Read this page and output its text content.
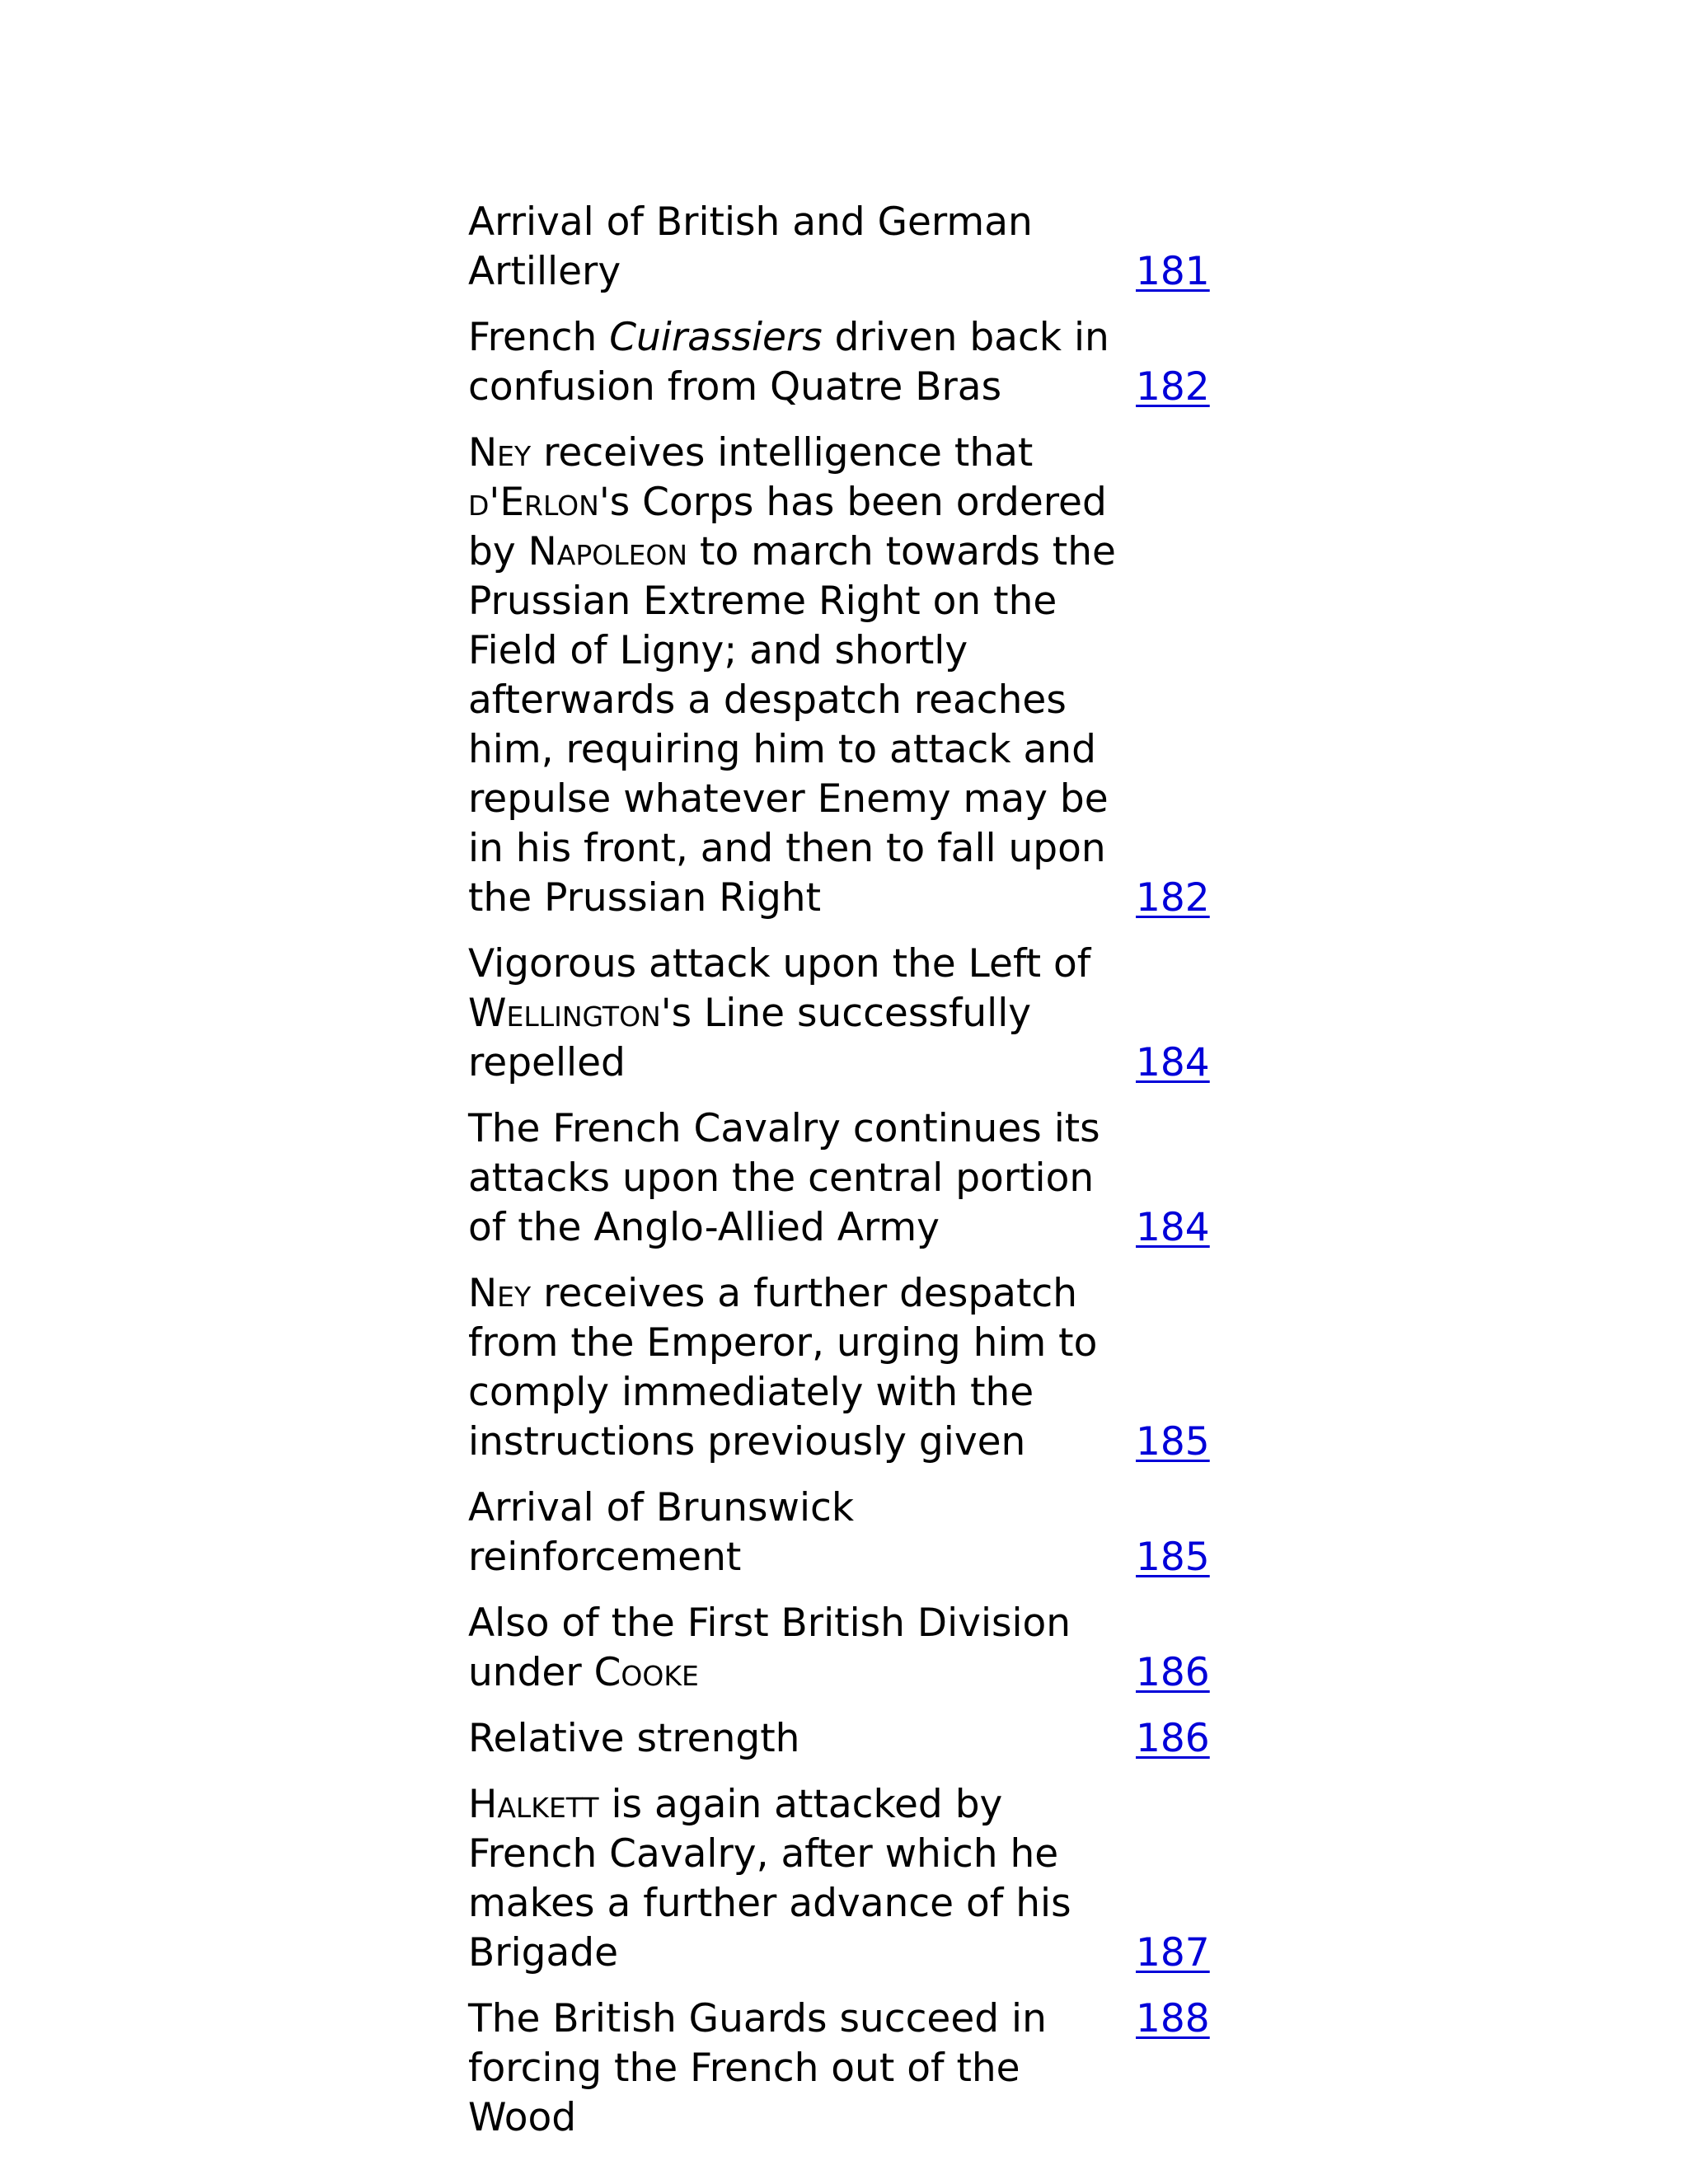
Arrival of British and German Artillery	181
French Cuirassiers driven back in confusion from Quatre Bras	182
Ney receives intelligence that d'Erlon's Corps has been ordered by Napoleon to march towards the Prussian Extreme Right on the Field of Ligny; and shortly afterwards a despatch reaches him, requiring him to attack and repulse whatever Enemy may be in his front, and then to fall upon the Prussian Right	182
Vigorous attack upon the Left of Wellington's Line successfully repelled	184
The French Cavalry continues its attacks upon the central portion of the Anglo-Allied Army	184
Ney receives a further despatch from the Emperor, urging him to comply immediately with the instructions previously given	185
Arrival of Brunswick reinforcement	185
Also of the First British Division under Cooke	186
Relative strength	186
Halkett is again attacked by French Cavalry, after which he makes a further advance of his Brigade	187
The British Guards succeed in forcing the French out of the Wood	188
